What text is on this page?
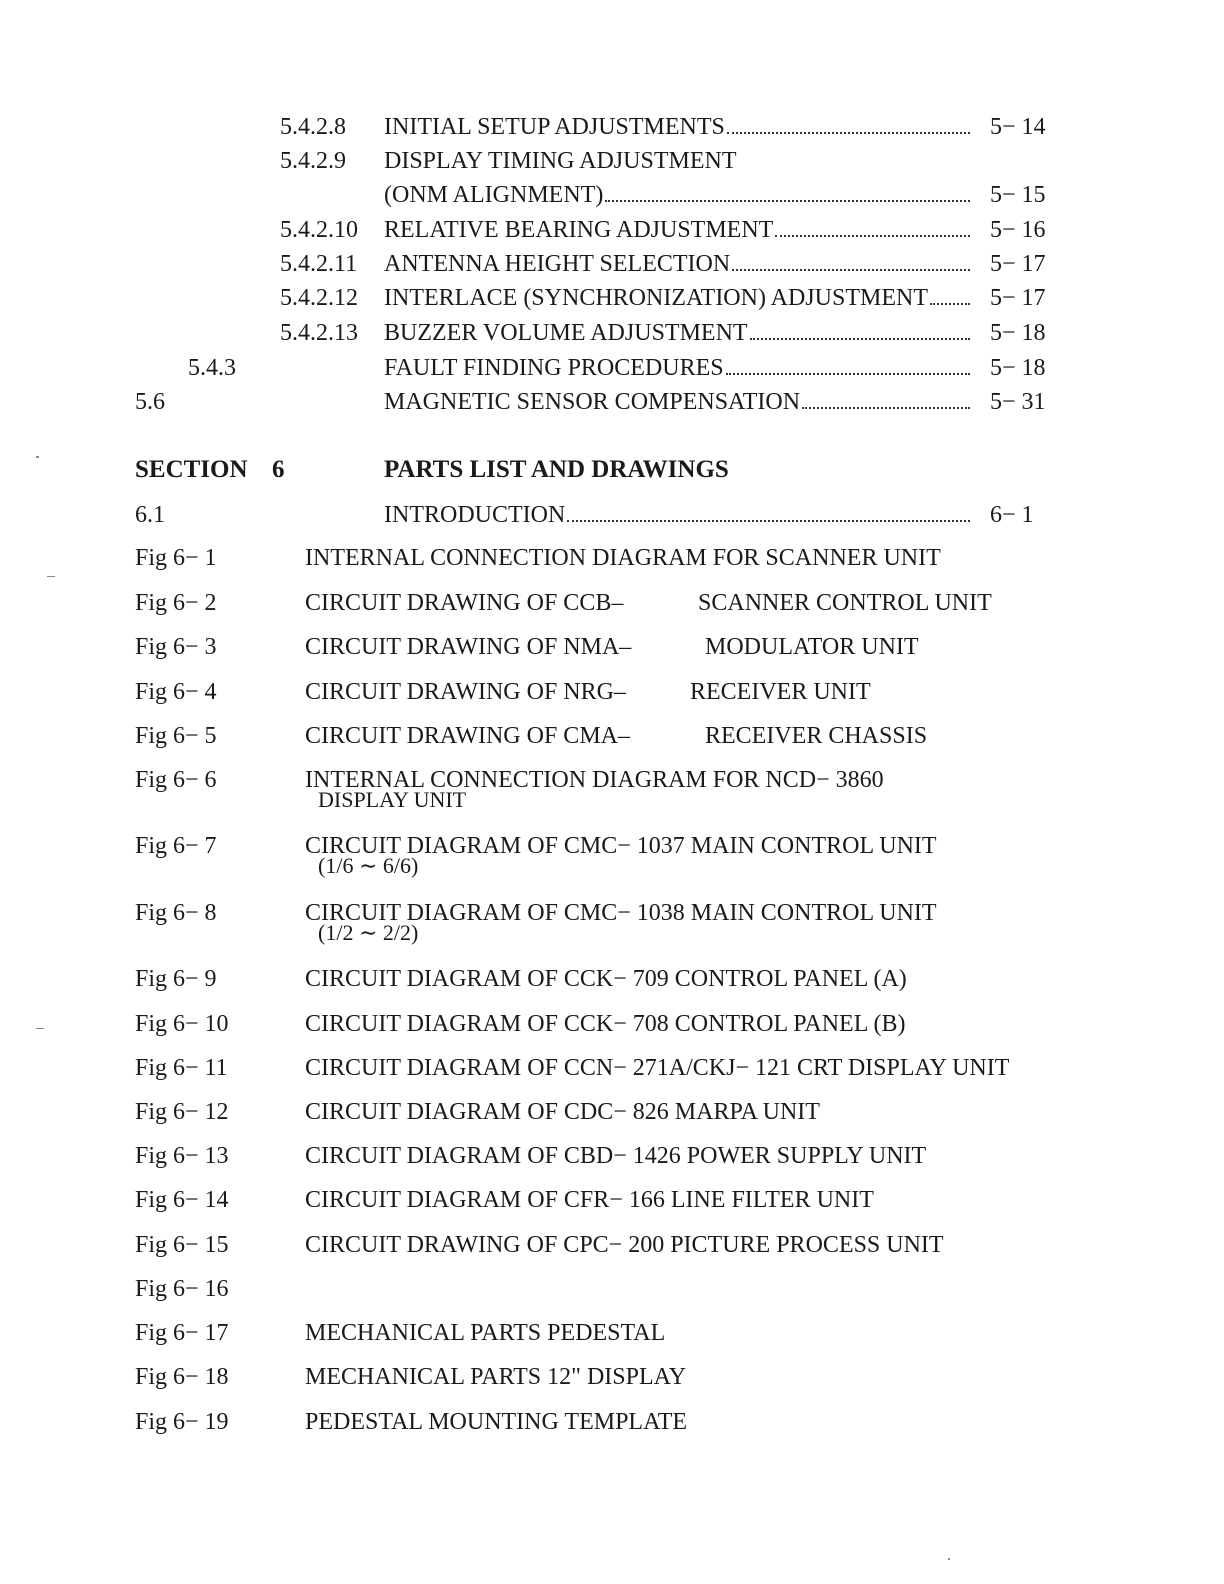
5.4.2.8 INITIAL SETUP ADJUSTMENTS	5− 14
5.4.2.9 DISPLAY TIMING ADJUSTMENT
(ONM ALIGNMENT)	5− 15
5.4.2.10 RELATIVE BEARING ADJUSTMENT	5− 16
5.4.2.11 ANTENNA HEIGHT SELECTION	5− 17
5.4.2.12 INTERLACE (SYNCHRONIZATION) ADJUSTMENT	5− 17
5.4.2.13 BUZZER VOLUME ADJUSTMENT	5− 18
5.4.3	FAULT FINDING PROCEDURES	5− 18
5.6	MAGNETIC SENSOR COMPENSATION	5− 31
SECTION 6	PARTS LIST AND DRAWINGS
6.1	INTRODUCTION	6− 1
Fig 6− 1	INTERNAL CONNECTION DIAGRAM FOR SCANNER UNIT
Fig 6− 2	CIRCUIT DRAWING OF CCB–	SCANNER CONTROL UNIT
Fig 6− 3	CIRCUIT DRAWING OF NMA–	MODULATOR UNIT
Fig 6− 4	CIRCUIT DRAWING OF NRG–	RECEIVER UNIT
Fig 6− 5	CIRCUIT DRAWING OF CMA–	RECEIVER CHASSIS
Fig 6− 6	INTERNAL CONNECTION DIAGRAM FOR NCD− 3860
DISPLAY UNIT
Fig 6− 7	CIRCUIT DIAGRAM OF CMC− 1037 MAIN CONTROL UNIT
(1/6 ∼ 6/6)
Fig 6− 8	CIRCUIT DIAGRAM OF CMC− 1038 MAIN CONTROL UNIT
(1/2 ∼ 2/2)
Fig 6− 9	CIRCUIT DIAGRAM OF CCK− 709 CONTROL PANEL (A)
Fig 6− 10	CIRCUIT DIAGRAM OF CCK− 708 CONTROL PANEL (B)
Fig 6− 11	CIRCUIT DIAGRAM OF CCN− 271A/CKJ− 121 CRT DISPLAY UNIT
Fig 6− 12	CIRCUIT DIAGRAM OF CDC− 826 MARPA UNIT
Fig 6− 13	CIRCUIT DIAGRAM OF CBD− 1426 POWER SUPPLY UNIT
Fig 6− 14	CIRCUIT DIAGRAM OF CFR− 166 LINE FILTER UNIT
Fig 6− 15	CIRCUIT DRAWING OF CPC− 200 PICTURE PROCESS UNIT
Fig 6− 16
Fig 6− 17	MECHANICAL PARTS PEDESTAL
Fig 6− 18	MECHANICAL PARTS 12" DISPLAY
Fig 6− 19	PEDESTAL MOUNTING TEMPLATE
